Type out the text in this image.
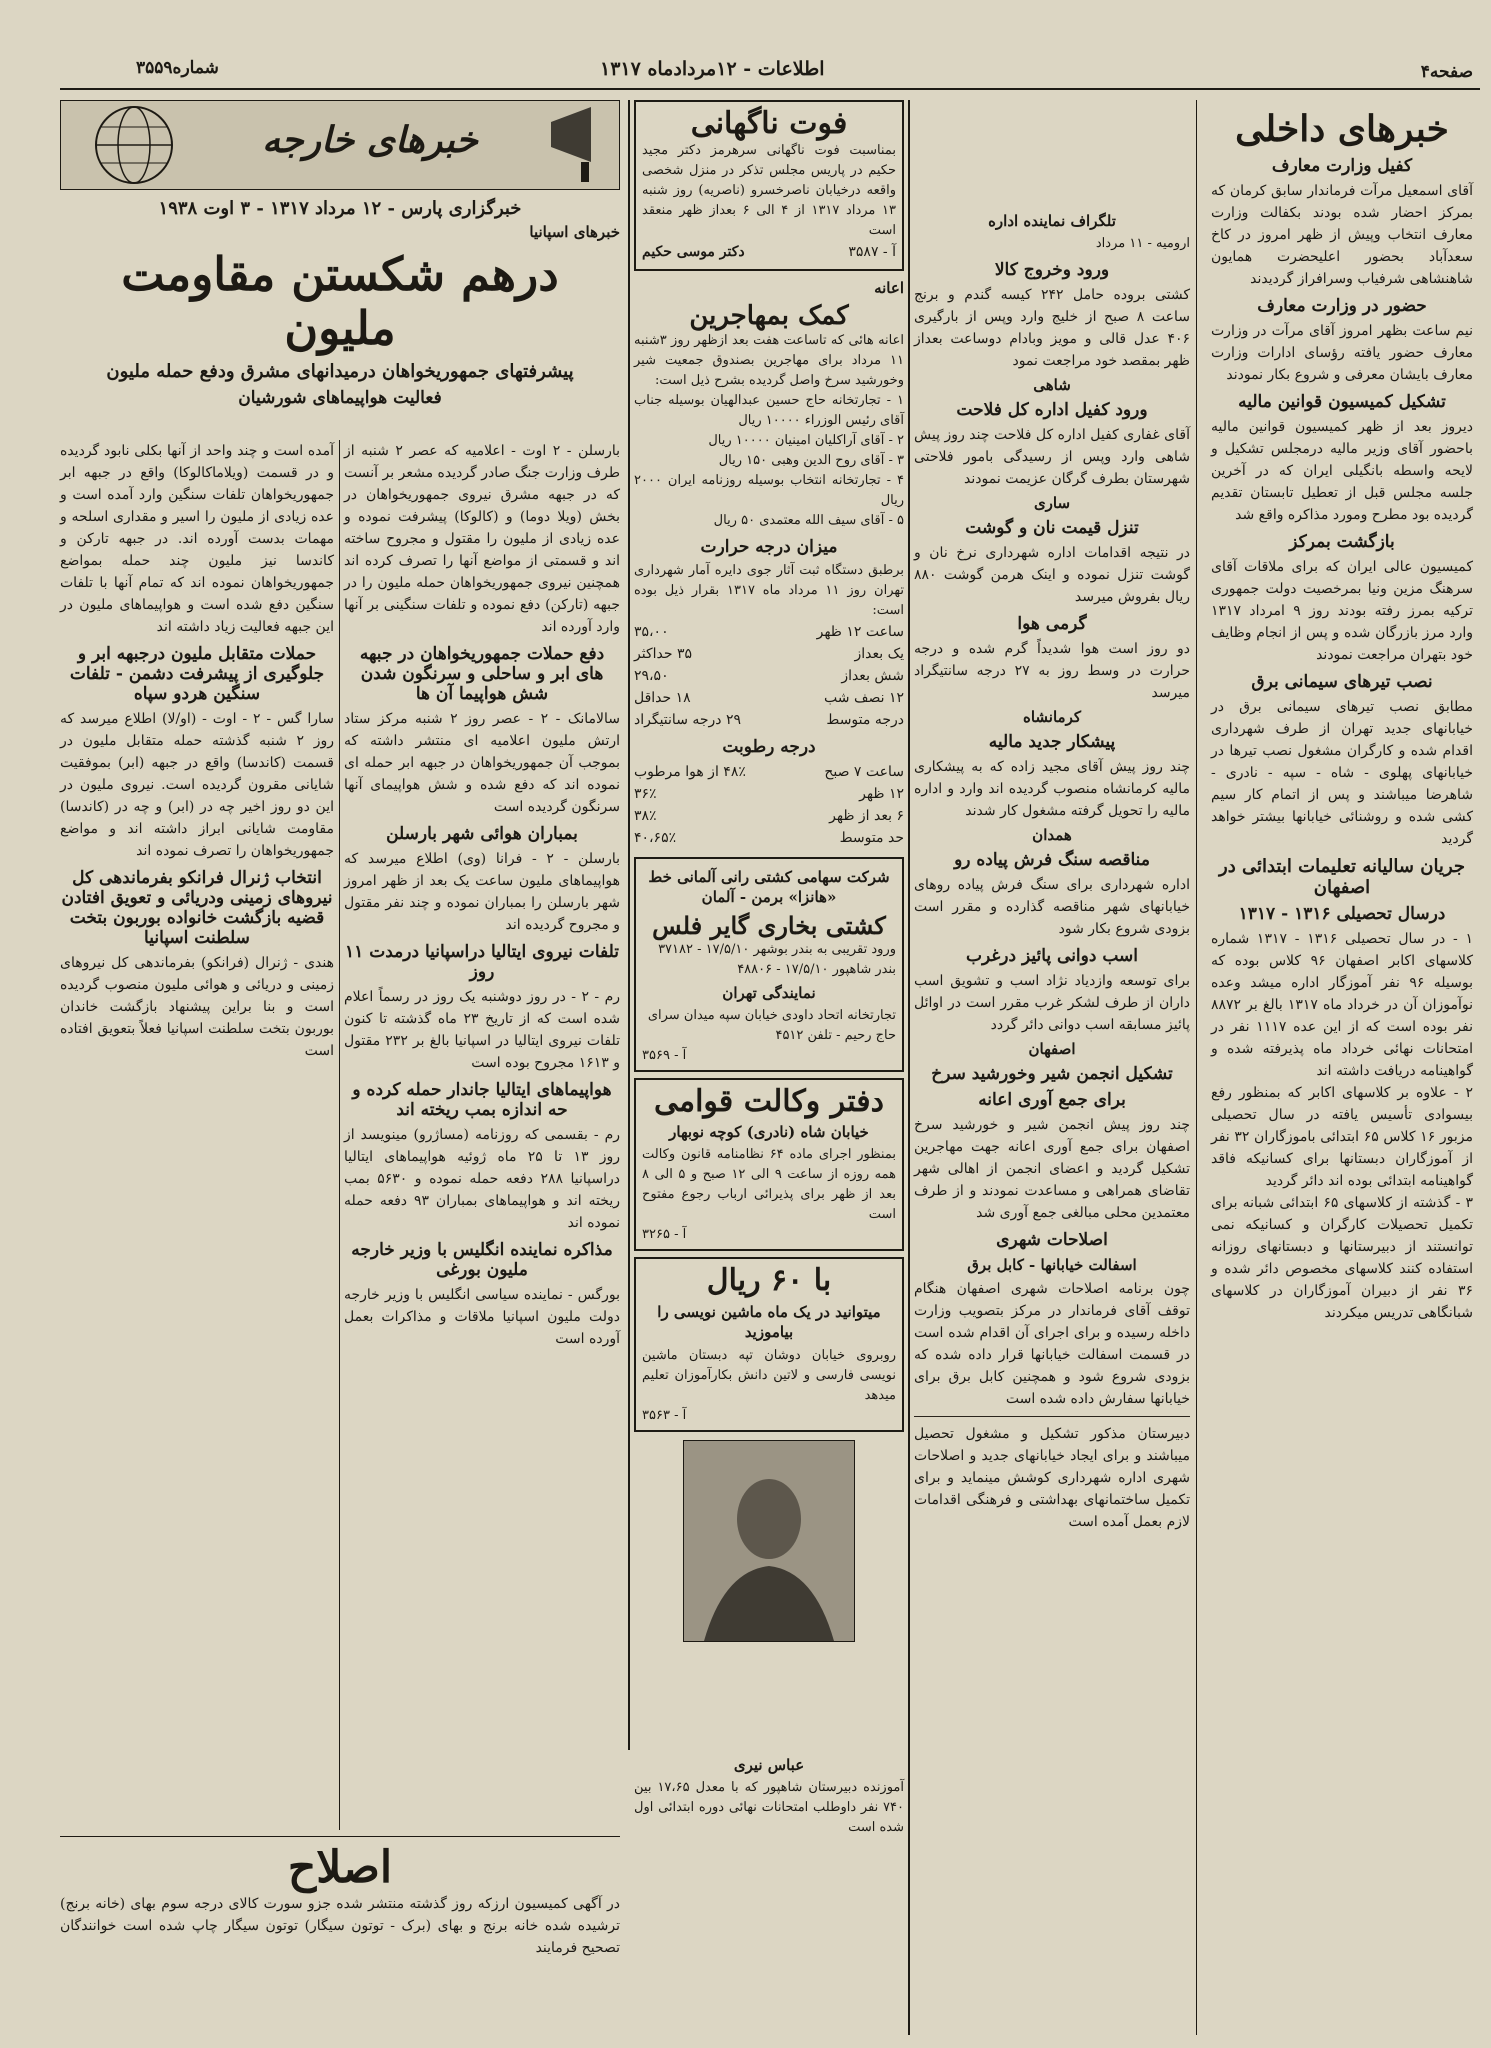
صفحه۴
اطلاعات - ۱۲مردادماه ۱۳۱۷
شماره۳۵۵۹
خبرهای داخلی
کفیل وزارت معارف
آقای اسمعیل مرآت فرماندار سابق کرمان که بمرکز احضار شده بودند بکفالت وزارت معارف انتخاب وپیش از ظهر امروز در کاخ سعدآباد بحضور اعلیحضرت همایون شاهنشاهی شرفیاب وسرافراز گردیدند
حضور در وزارت معارف
نیم ساعت بظهر امروز آقای مرآت در وزارت معارف حضور یافته رؤسای ادارات وزارت معارف بایشان معرفی و شروع بکار نمودند
تشکیل کمیسیون قوانین مالیه
دیروز بعد از ظهر کمیسیون قوانین مالیه باحضور آقای وزیر مالیه درمجلس تشکیل و لایحه واسطه بانگیلی ایران که در آخرین جلسه مجلس قبل از تعطیل تابستان تقدیم گردیده بود مطرح ومورد مذاکره واقع شد
بازگشت بمرکز
کمیسیون عالی ایران که برای ملاقات آقای سرهنگ مزین ونیا بمرخصیت دولت جمهوری ترکیه بمرز رفته بودند روز ۹ امرداد ۱۳۱۷ وارد مرز بازرگان شده و پس از انجام وظایف خود بتهران مراجعت نمودند
نصب تیرهای سیمانی برق
مطابق نصب تیرهای سیمانی برق در خیابانهای جدید تهران از طرف شهرداری اقدام شده و کارگران مشغول نصب تیرها در خیابانهای پهلوی - شاه - سپه - نادری - شاهرضا میباشند و پس از اتمام کار سیم کشی شده و روشنائی خیابانها بیشتر خواهد گردید
جریان سالیانه تعلیمات ابتدائی در اصفهان
درسال تحصیلی ۱۳۱۶ - ۱۳۱۷
۱ - در سال تحصیلی ۱۳۱۶ - ۱۳۱۷ شماره کلاسهای اکابر اصفهان ۹۶ کلاس بوده که بوسیله ۹۶ نفر آموزگار اداره میشد وعده نوآموزان آن در خرداد ماه ۱۳۱۷ بالغ بر ۸۸۷۲ نفر بوده است که از این عده ۱۱۱۷ نفر در امتحانات نهائی خرداد ماه پذیرفته شده و گواهینامه دریافت داشته اند
۲ - علاوه بر کلاسهای اکابر که بمنظور رفع بیسوادی تأسیس یافته در سال تحصیلی مزبور ۱۶ کلاس ۶۵ ابتدائی باموزگاران ۳۲ نفر از آموزگاران دبستانها برای کسانیکه فاقد گواهینامه ابتدائی بوده اند دائر گردید
۳ - گذشته از کلاسهای ۶۵ ابتدائی شبانه برای تکمیل تحصیلات کارگران و کسانیکه نمی توانستند از دبیرستانها و دبستانهای روزانه استفاده کنند کلاسهای مخصوص دائر شده و ۳۶ نفر از دبیران آموزگاران در کلاسهای شبانگاهی تدریس میکردند
تلگراف نماینده اداره
ارومیه - ۱۱ مرداد
ورود وخروج کالا
کشتی بروده حامل ۲۴۲ کیسه گندم و برنج ساعت ۸ صبح از خلیج وارد وپس از بارگیری ۴۰۶ عدل قالی و مویز وبادام دوساعت بعداز ظهر بمقصد خود مراجعت نمود
شاهی
ورود کفیل اداره کل فلاحت
آقای غفاری کفیل اداره کل فلاحت چند روز پیش شاهی وارد وپس از رسیدگی بامور فلاحتی شهرستان بطرف گرگان عزیمت نمودند
ساری
تنزل قیمت نان و گوشت
در نتیجه اقدامات اداره شهرداری نرخ نان و گوشت تنزل نموده و اینک هرمن گوشت ۸۸۰ ریال بفروش میرسد
گرمی هوا
دو روز است هوا شدیداً گرم شده و درجه حرارت در وسط روز به ۲۷ درجه سانتیگراد میرسد
کرمانشاه
پیشکار جدید مالیه
چند روز پیش آقای مجید زاده که به پیشکاری مالیه کرمانشاه منصوب گردیده اند وارد و اداره مالیه را تحویل گرفته مشغول کار شدند
همدان
مناقصه سنگ فرش پیاده رو
اداره شهرداری برای سنگ فرش پیاده روهای خیابانهای شهر مناقصه گذارده و مقرر است بزودی شروع بکار شود
اسب دوانی پائیز درغرب
برای توسعه وازدیاد نژاد اسب و تشویق اسب داران از طرف لشکر غرب مقرر است در اوائل پائیز مسابقه اسب دوانی دائر گردد
اصفهان
تشکیل انجمن شیر وخورشید سرخ
برای جمع آوری اعانه
چند روز پیش انجمن شیر و خورشید سرخ اصفهان برای جمع آوری اعانه جهت مهاجرین تشکیل گردید و اعضای انجمن از اهالی شهر تقاضای همراهی و مساعدت نمودند و از طرف معتمدین محلی مبالغی جمع آوری شد
اصلاحات شهری
اسفالت خیابانها - کابل برق
چون برنامه اصلاحات شهری اصفهان هنگام توقف آقای فرماندار در مرکز بتصویب وزارت داخله رسیده و برای اجرای آن اقدام شده است در قسمت اسفالت خیابانها قرار داده شده که بزودی شروع شود و همچنین کابل برق برای خیابانها سفارش داده شده است
دبیرستان مذکور تشکیل و مشغول تحصیل میباشند و برای ایجاد خیابانهای جدید و اصلاحات شهری اداره شهرداری کوشش مینماید و برای تکمیل ساختمانهای بهداشتی و فرهنگی اقدامات لازم بعمل آمده است
فوت ناگهانی
بمناسبت فوت ناگهانی سرهرمز دکتر مجید حکیم در پاریس مجلس تذکر در منزل شخصی واقعه درخیابان ناصرخسرو (ناصریه) روز شنبه ۱۳ مرداد ۱۳۱۷ از ۴ الی ۶ بعداز ظهر منعقد است
آ - ۳۵۸۷
دکتر موسی حکیم
اعانه
کمک بمهاجرین
اعانه هائی که تاساعت هفت بعد ازظهر روز ۳شنبه ۱۱ مرداد برای مهاجرین بصندوق جمعیت شیر وخورشید سرخ واصل گردیده بشرح ذیل است:
۱ - تجارتخانه حاج حسین عبدالهیان بوسیله جناب آقای رئیس الوزراء ۱۰۰۰۰ ریال
۲ - آقای آراکلیان امینیان ۱۰۰۰۰ ریال
۳ - آقای روح الدین وهبی ۱۵۰ ریال
۴ - تجارتخانه انتخاب بوسیله روزنامه ایران ۲۰۰۰ ریال
۵ - آقای سیف الله معتمدی ۵۰ ریال
میزان درجه حرارت
برطبق دستگاه ثبت آثار جوی دایره آمار شهرداری تهران روز ۱۱ مرداد ماه ۱۳۱۷ بقرار ذیل بوده است:
ساعت ۱۲ ظهر
۳۵،۰۰
یک بعداز
۳۵ حداکثر
شش بعداز
۲۹،۵۰
۱۲ نصف شب
۱۸ حداقل
درجه متوسط
۲۹ درجه سانتیگراد
درجه رطوبت
ساعت ۷ صبح
۴۸٪ از هوا مرطوب
۱۲ ظهر
۳۶٪
۶ بعد از ظهر
۳۸٪
حد متوسط
۴۰،۶۵٪
شرکت سهامی کشتی رانی آلمانی خط «هانزا» برمن - آلمان
کشتی بخاری گایر فلس
ورود تقریبی به بندر بوشهر ۱۷/۵/۱۰ - ۳۷۱۸۲
بندر شاهپور ۱۷/۵/۱۰ - ۴۸۸۰۶
نمایندگی تهران
تجارتخانه اتحاد داودی خیابان سپه میدان سرای حاج رحیم - تلفن ۴۵۱۲
آ - ۳۵۶۹
دفتر وکالت قوامی
خیابان شاه (نادری) کوچه نوبهار
بمنظور اجرای ماده ۶۴ نظامنامه قانون وکالت همه روزه از ساعت ۹ الی ۱۲ صبح و ۵ الی ۸ بعد از ظهر برای پذیرائی ارباب رجوع مفتوح است
آ - ۳۲۶۵
با ۶۰ ریال
میتوانید در یک ماه ماشین نویسی را بیاموزید
روبروی خیابان دوشان تپه دبستان ماشین نویسی فارسی و لاتین دانش بکارآموزان تعلیم میدهد
آ - ۳۵۶۳
عباس نیری
آموزنده دبیرستان شاهپور که با معدل ۱۷،۶۵ بین ۷۴۰ نفر داوطلب امتحانات نهائی دوره ابتدائی اول شده است
خبرهای خارجه
خبرگزاری پارس - ۱۲ مرداد ۱۳۱۷ - ۳ اوت ۱۹۳۸
خبرهای اسپانیا
درهم شکستن مقاومت ملیون
پیشرفتهای جمهوریخواهان درمیدانهای مشرق ودفع حمله ملیون
فعالیت هواپیماهای شورشیان
بارسلن - ۲ اوت - اعلامیه که عصر ۲ شنبه از طرف وزارت جنگ صادر گردیده مشعر بر آنست که در جبهه مشرق نیروی جمهوریخواهان در بخش (ویلا دوما) و (کالوکا) پیشرفت نموده و عده زیادی از ملیون را مقتول و مجروح ساخته اند و قسمتی از مواضع آنها را تصرف کرده اند همچنین نیروی جمهوریخواهان حمله ملیون را در جبهه (تارکن) دفع نموده و تلفات سنگینی بر آنها وارد آورده اند
دفع حملات جمهوریخواهان در جبهه های ابر و ساحلی و سرنگون شدن شش هواپیما آن ها
سالامانک - ۲ - عصر روز ۲ شنبه مرکز ستاد ارتش ملیون اعلامیه ای منتشر داشته که بموجب آن جمهوریخواهان در جبهه ابر حمله ای نموده اند که دفع شده و شش هواپیمای آنها سرنگون گردیده است
بمباران هوائی شهر بارسلن
بارسلن - ۲ - فرانا (وی) اطلاع میرسد که هواپیماهای ملیون ساعت یک بعد از ظهر امروز شهر بارسلن را بمباران نموده و چند نفر مقتول و مجروح گردیده اند
تلفات نیروی ایتالیا دراسپانیا درمدت ۱۱ روز
رم - ۲ - در روز دوشنبه یک روز در رسماً اعلام شده است که از تاریخ ۲۳ ماه گذشته تا کنون تلفات نیروی ایتالیا در اسپانیا بالغ بر ۲۳۲ مقتول و ۱۶۱۳ مجروح بوده است
هواپیماهای ایتالیا جاندار حمله کرده و حه اندازه بمب ریخته اند
رم - بقسمی که روزنامه (مساژرو) مینویسد از روز ۱۳ تا ۲۵ ماه ژوئیه هواپیماهای ایتالیا دراسپانیا ۲۸۸ دفعه حمله نموده و ۵۶۳۰ بمب ریخته اند و هواپیماهای بمباران ۹۳ دفعه حمله نموده اند
مذاکره نماینده انگلیس با وزیر خارجه ملیون بورغی
بورگس - نماینده سیاسی انگلیس با وزیر خارجه دولت ملیون اسپانیا ملاقات و مذاکرات بعمل آورده است
آمده است و چند واحد از آنها بکلی نابود گردیده و در قسمت (ویلاماکالوکا) واقع در جبهه ابر جمهوریخواهان تلفات سنگین وارد آمده است و عده زیادی از ملیون را اسیر و مقداری اسلحه و مهمات بدست آورده اند. در جبهه تارکن و کاندسا نیز ملیون چند حمله بمواضع جمهوریخواهان نموده اند که تمام آنها با تلفات سنگین دفع شده است و هواپیماهای ملیون در این جبهه فعالیت زیاد داشته اند
حملات متقابل ملیون درجبهه ابر و جلوگیری از پیشرفت دشمن - تلفات سنگین هردو سپاه
سارا گس - ۲ - اوت - (او/لا) اطلاع میرسد که روز ۲ شنبه گذشته حمله متقابل ملیون در قسمت (کاندسا) واقع در جبهه (ابر) بموفقیت شایانی مقرون گردیده است. نیروی ملیون در این دو روز اخیر چه در (ابر) و چه در (کاندسا) مقاومت شایانی ابراز داشته اند و مواضع جمهوریخواهان را تصرف نموده اند
انتخاب ژنرال فرانکو بفرماندهی کل نیروهای زمینی ودریائی و تعویق افتادن قضیه بازگشت خانواده بوربون بتخت سلطنت اسپانیا
هندی - ژنرال (فرانکو) بفرماندهی کل نیروهای زمینی و دریائی و هوائی ملیون منصوب گردیده است و بنا براین پیشنهاد بازگشت خاندان بوربون بتخت سلطنت اسپانیا فعلاً بتعویق افتاده است
اصلاح
در آگهی کمیسیون ارزکه روز گذشته منتشر شده جزو سورت کالای درجه سوم بهای (خانه برنج) ترشیده شده خانه برنج و بهای (برک - توتون سیگار) توتون سیگار چاپ شده است خوانندگان تصحیح فرمایند
